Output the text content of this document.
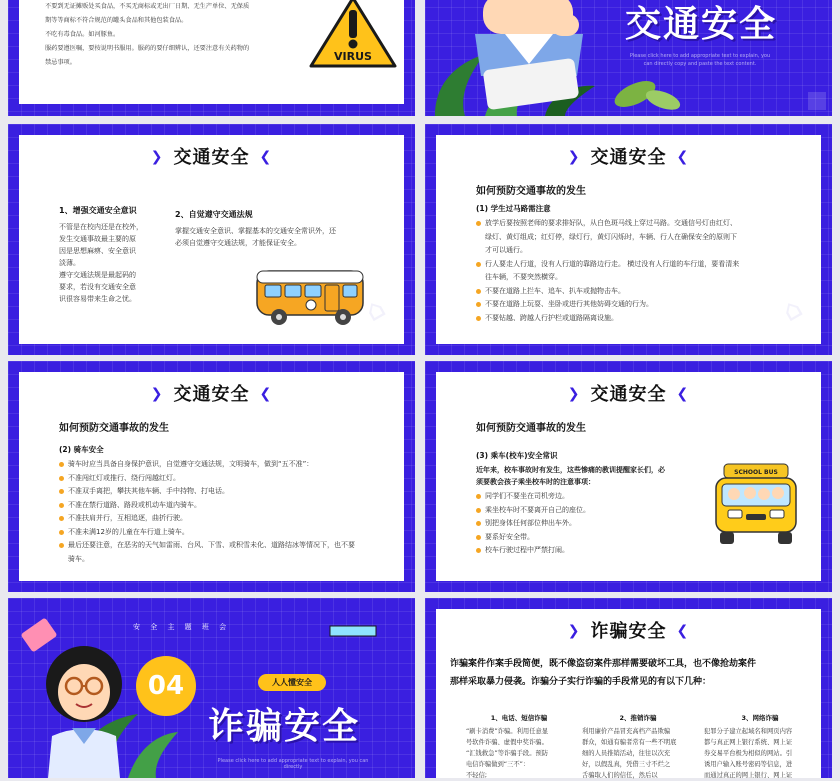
不要到无证摊贩处买食品，不买无商标或无出厂日期、无生产单位、无保质
期等等商标不符合规范的罐头食品和其他包装食品。
不吃有毒食品。如河豚鱼。
服药要遵医嘱，要按说明书服用。服药的要仔细辨认，还要注意有关药物的
禁忌事项。	VIRUS
交通安全
Please click here to add appropriate text to explain, you can directly copy and paste the text content.
❯ 交通安全 ❮
1、增强交通安全意识
不管是在校内还是在校外，
发生交通事故最主要的原
因是思想麻痹、安全意识
淡薄。
遵守交通法规是最起码的
要求，若没有交通安全意
识很容易带来生命之忧。
2、自觉遵守交通法规
掌握交通安全意识、掌握基本的交通安全常识外，还
必须自觉遵守交通法规，才能保证安全。
⌂
❯ 交通安全 ❮
如何预防交通事故的发生
(1) 学生过马路需注意
放学后要按照老师的要求排好队，从白色斑马线上穿过马路。交通信号灯由红灯、
绿灯、黄灯组成；红灯停，绿灯行，黄灯闪烁时，车辆、行人在确保安全的原则下
才可以通行。
行人要走人行道，没有人行道的靠路边行走。 横过没有人行道的车行道，要看清来
往车辆，不要突然横穿。
不要在道路上拦车、追车、扒车或抛物击车。
不要在道路上玩耍、坐卧或进行其他妨碍交通的行为。
不要钻越、跨越人行护栏或道路隔离设施。	⌂
❯ 交通安全 ❮
如何预防交通事故的发生
(2) 骑车安全
骑车时应当具备自身保护意识，自觉遵守交通法规，文明骑车，做到“五不准”：
不准闯红灯或推行、绕行闯越红灯。
不准双手离把，攀扶其他车辆、手中持物、打电话。
不准在禁行道路、路段或机动车道内骑车。
不准扶肩并行，互相追逐，曲折行驶。
不准未满12岁的儿童在车行道上骑车。
最后还要注意，在恶劣的天气如雷雨、台风、下雪、或积雪未化、道路结冰等情况下，也不要
骑车。
❯ 交通安全 ❮
如何预防交通事故的发生
(3) 乘车(校车)安全常识
近年来，校车事故时有发生，这些惨痛的教训提醒家长们，必
须要教会孩子乘坐校车时的注意事项：
同学们不要坐在司机旁边。
乘坐校车时不要离开自己的座位。
别把身体任何部位伸出车外。
要系好安全带。
校车行驶过程中严禁打闹。
SCHOOL BUS
安 全 主 题 班 会
04	人人懂安全
诈骗安全
Please click here to add appropriate text to explain, you can directly
❯ 诈骗安全 ❮
诈骗案件作案手段简便，既不像盗窃案件那样需要破坏工具，也不像抢劫案件
那样采取暴力侵袭。诈骗分子实行诈骗的手段常见的有以下几种：
1、电话、短信诈骗
“刷卡消费”诈骗。利用任意显
号软件诈骗、虚假中奖诈骗。
“汇钱救急”等诈骗手段。预防
电信诈骗做到“三不”：
不轻信;
2、推销诈骗
利用廉价产品冒充高档产品欺骗
群众，如通有骗者常有一些不明底
细的人员推销活动，往往以次充
好，以假乱真，凭借三寸不烂之
舌骗取人们的信任，然后以
3、网络诈骗
犯罪分子建立起域名和网页内容
都与真正网上银行系统、网上证
券交易平台极为相似的网站。引
诱用户输入账号密码等信息，进
而通过真正的网上银行、网上证
